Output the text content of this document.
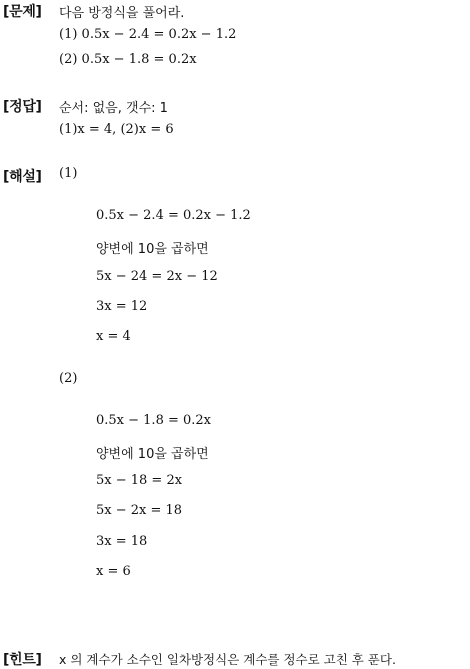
[문제] 다음 방정식을 풀어라.
(1) 0.5x − 2.4 = 0.2x − 1.2
(2) 0.5x − 1.8 = 0.2x
[정답] 순서: 없음, 갯수: 1
(1)x = 4, (2)x = 6
[해설] (1)
0.5x − 2.4 = 0.2x − 1.2
양변에 10을 곱하면
5x − 24 = 2x − 12
3x = 12
x = 4
(2)
0.5x − 1.8 = 0.2x
양변에 10을 곱하면
5x − 18 = 2x
5x − 2x = 18
3x = 18
x = 6
[힌트] x 의 계수가 소수인 일차방정식은 계수를 정수로 고친 후 푼다.
